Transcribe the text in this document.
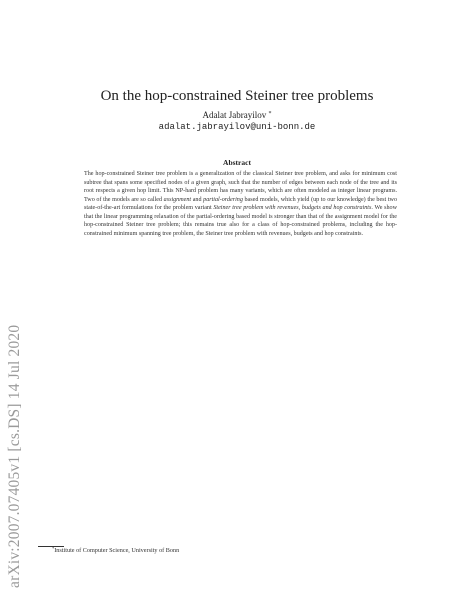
arXiv:2007.07405v1 [cs.DS] 14 Jul 2020
On the hop-constrained Steiner tree problems
Adalat Jabrayilov *
adalat.jabrayilov@uni-bonn.de
Abstract
The hop-constrained Steiner tree problem is a generalization of the classical Steiner tree problem, and asks for minimum cost subtree that spans some specified nodes of a given graph, such that the number of edges between each node of the tree and its root respects a given hop limit. This NP-hard problem has many variants, which are often modeled as integer linear programs. Two of the models are so called assignment and partial-ordering based models, which yield (up to our knowledge) the best two state-of-the-art formulations for the problem variant Steiner tree problem with revenues, budgets and hop constraints. We show that the linear programming relaxation of the partial-ordering based model is stronger than that of the assignment model for the hop-constrained Steiner tree problem; this remains true also for a class of hop-constrained problems, including the hop-constrained minimum spanning tree problem, the Steiner tree problem with revenues, budgets and hop constraints.
*Institute of Computer Science, University of Bonn
